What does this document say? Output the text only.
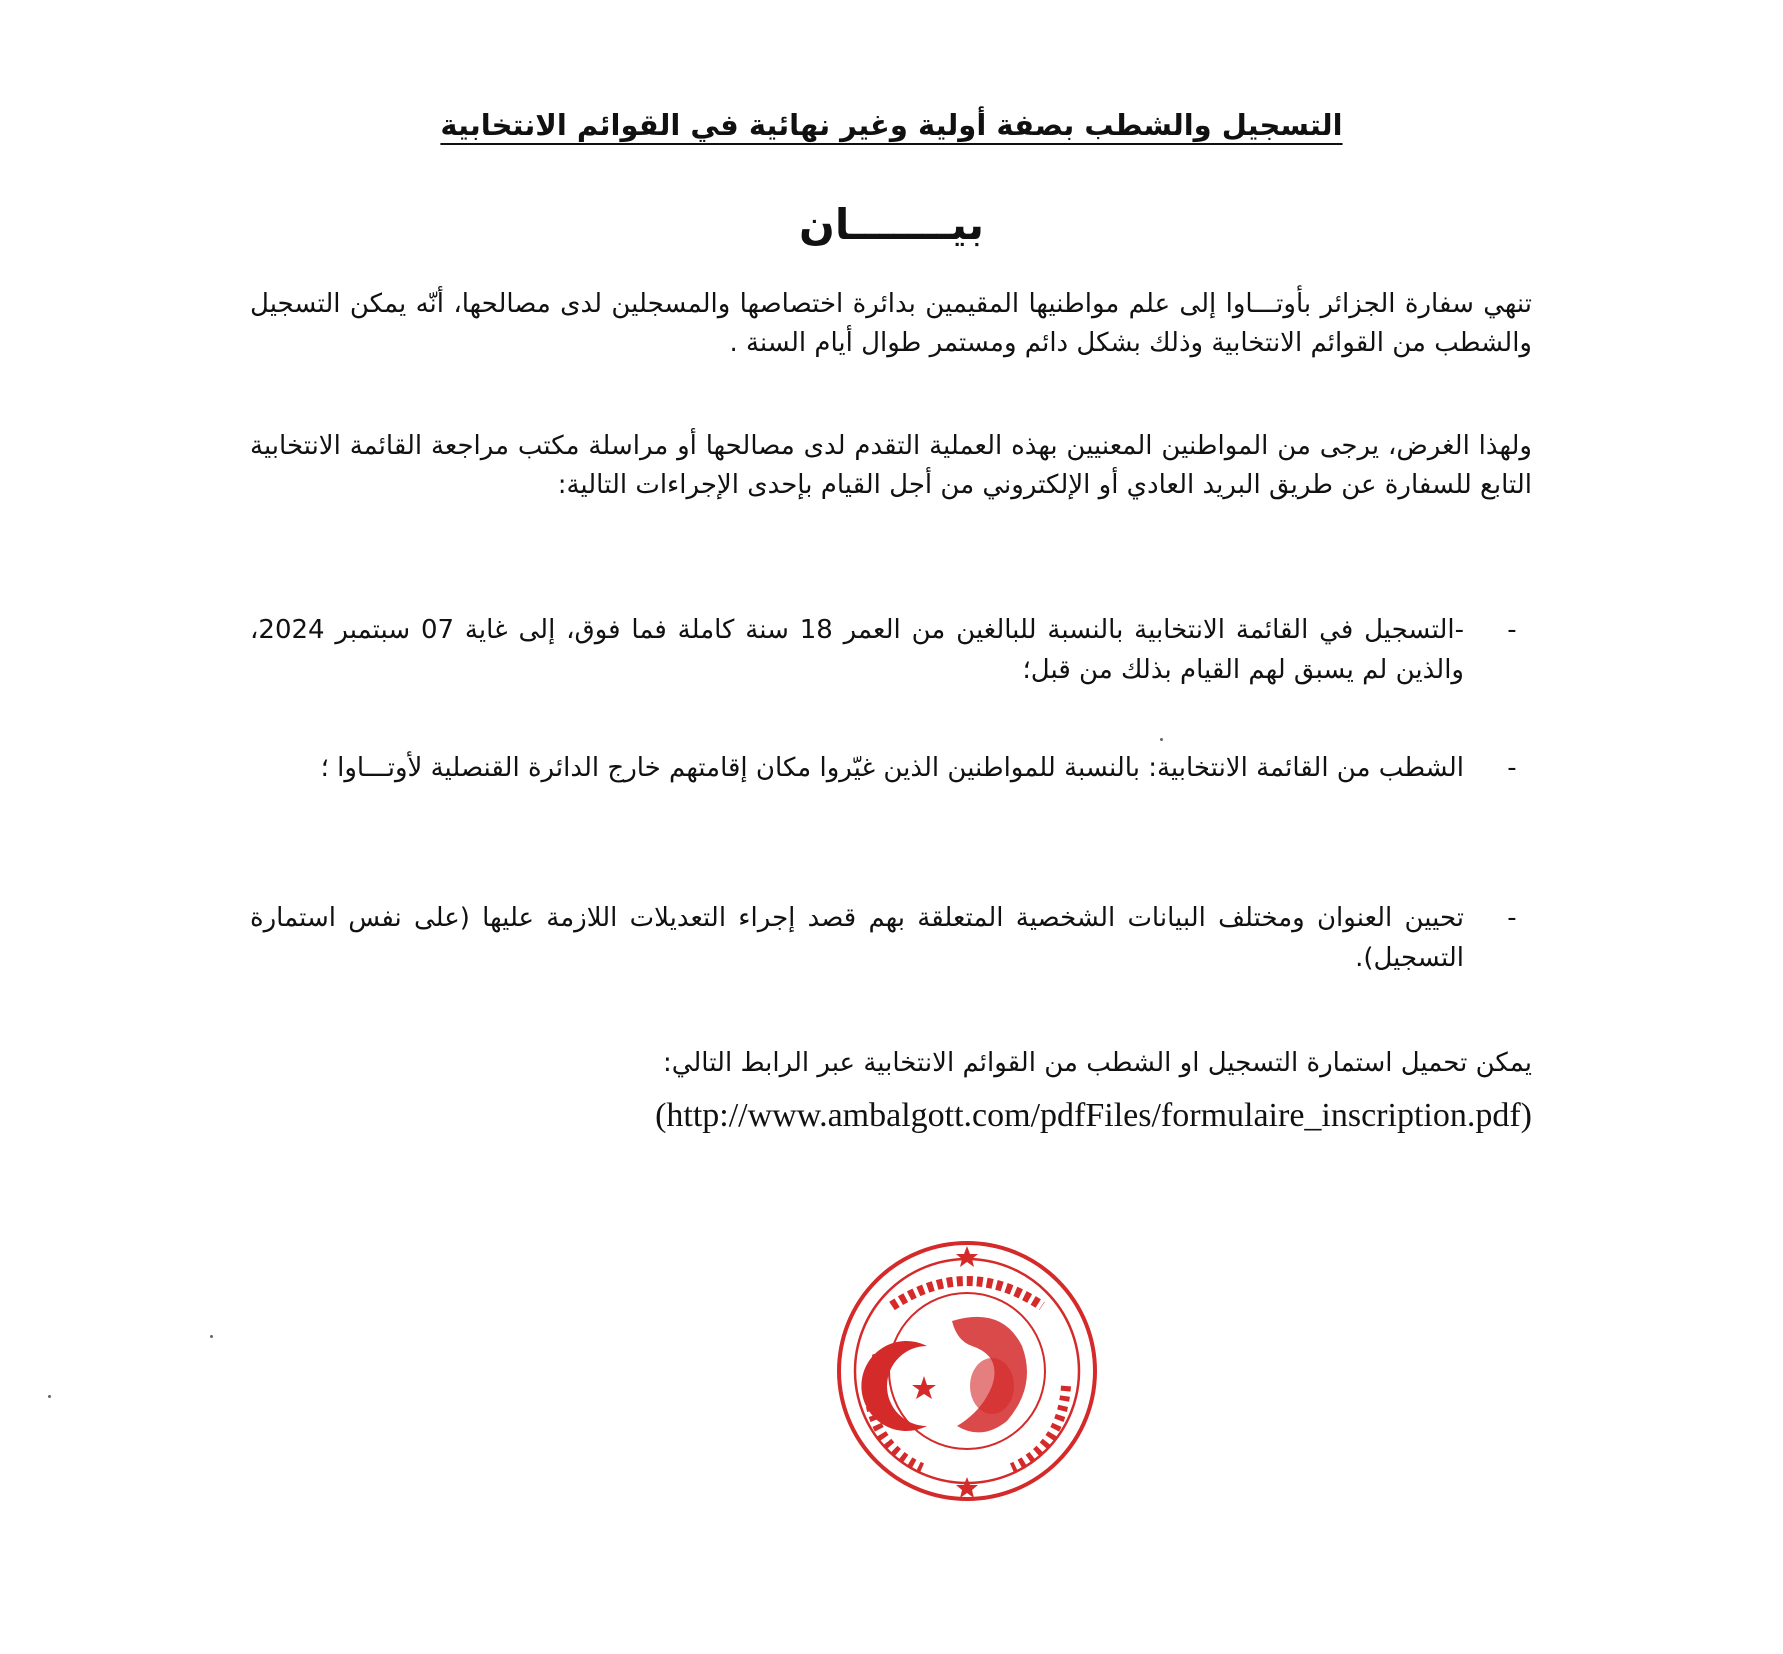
التسجيل والشطب بصفة أولية وغير نهائية في القوائم الانتخابية
بيـــــــان
تنهي سفارة الجزائر بأوتـــاوا إلى علم مواطنيها المقيمين بدائرة اختصاصها والمسجلين لدى مصالحها، أنّه يمكن التسجيل والشطب من القوائم الانتخابية وذلك بشكل دائم ومستمر طوال أيام السنة .
ولهذا الغرض، يرجى من المواطنين المعنيين بهذه العملية التقدم لدى مصالحها أو مراسلة مكتب مراجعة القائمة الانتخابية التابع للسفارة عن طريق البريد العادي أو الإلكتروني من أجل القيام بإحدى الإجراءات التالية:
-
-التسجيل في القائمة الانتخابية بالنسبة للبالغين من العمر 18 سنة كاملة فما فوق، إلى غاية 07 سبتمبر 2024، والذين لم يسبق لهم القيام بذلك من قبل؛
-
الشطب من القائمة الانتخابية: بالنسبة للمواطنين الذين غيّروا مكان إقامتهم خارج الدائرة القنصلية لأوتـــاوا ؛
-
تحيين العنوان ومختلف البيانات الشخصية المتعلقة بهم قصد إجراء التعديلات اللازمة عليها (على نفس استمارة التسجيل).
يمكن تحميل استمارة التسجيل او الشطب من القوائم الانتخابية عبر الرابط التالي:
(http://www.ambalgott.com/pdfFiles/formulaire_inscription.pdf)
